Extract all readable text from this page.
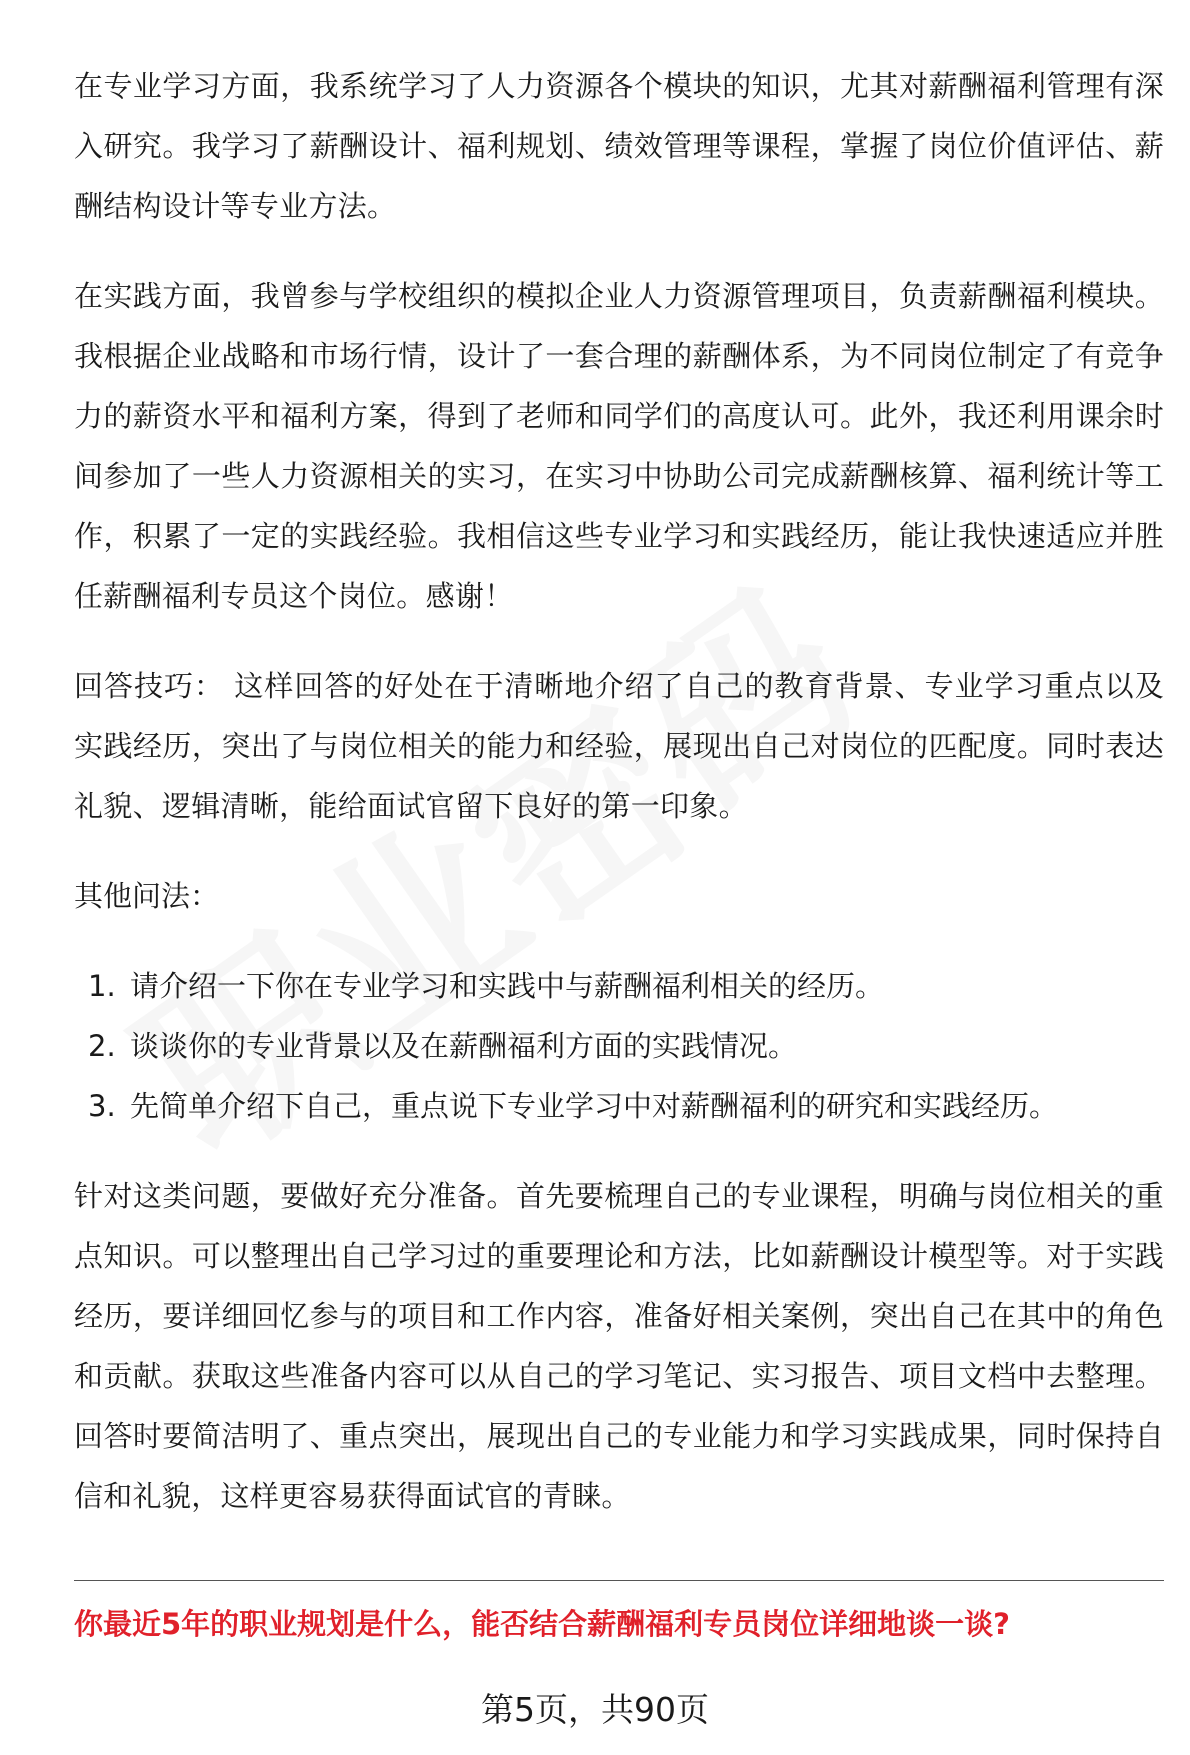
在专业学习方面，我系统学习了人力资源各个模块的知识，尤其对薪酬福利管理有深入研究。我学习了薪酬设计、福利规划、绩效管理等课程，掌握了岗位价值评估、薪酬结构设计等专业方法。

在实践方面，我曾参与学校组织的模拟企业人力资源管理项目，负责薪酬福利模块。我根据企业战略和市场行情，设计了一套合理的薪酬体系，为不同岗位制定了有竞争力的薪资水平和福利方案，得到了老师和同学们的高度认可。此外，我还利用课余时间参加了一些人力资源相关的实习，在实习中协助公司完成薪酬核算、福利统计等工作，积累了一定的实践经验。我相信这些专业学习和实践经历，能让我快速适应并胜任薪酬福利专员这个岗位。感谢！

回答技巧： 这样回答的好处在于清晰地介绍了自己的教育背景、专业学习重点以及实践经历，突出了与岗位相关的能力和经验，展现出自己对岗位的匹配度。同时表达礼貌、逻辑清晰，能给面试官留下良好的第一印象。

其他问法：

1. 请介绍一下你在专业学习和实践中与薪酬福利相关的经历。
2. 谈谈你的专业背景以及在薪酬福利方面的实践情况。
3. 先简单介绍下自己，重点说下专业学习中对薪酬福利的研究和实践经历。

针对这类问题，要做好充分准备。首先要梳理自己的专业课程，明确与岗位相关的重点知识。可以整理出自己学习过的重要理论和方法，比如薪酬设计模型等。对于实践经历，要详细回忆参与的项目和工作内容，准备好相关案例，突出自己在其中的角色和贡献。获取这些准备内容可以从自己的学习笔记、实习报告、项目文档中去整理。回答时要简洁明了、重点突出，展现出自己的专业能力和学习实践成果，同时保持自信和礼貌，这样更容易获得面试官的青睐。

你最近5年的职业规划是什么，能否结合薪酬福利专员岗位详细地谈一谈?
第5页，共90页
